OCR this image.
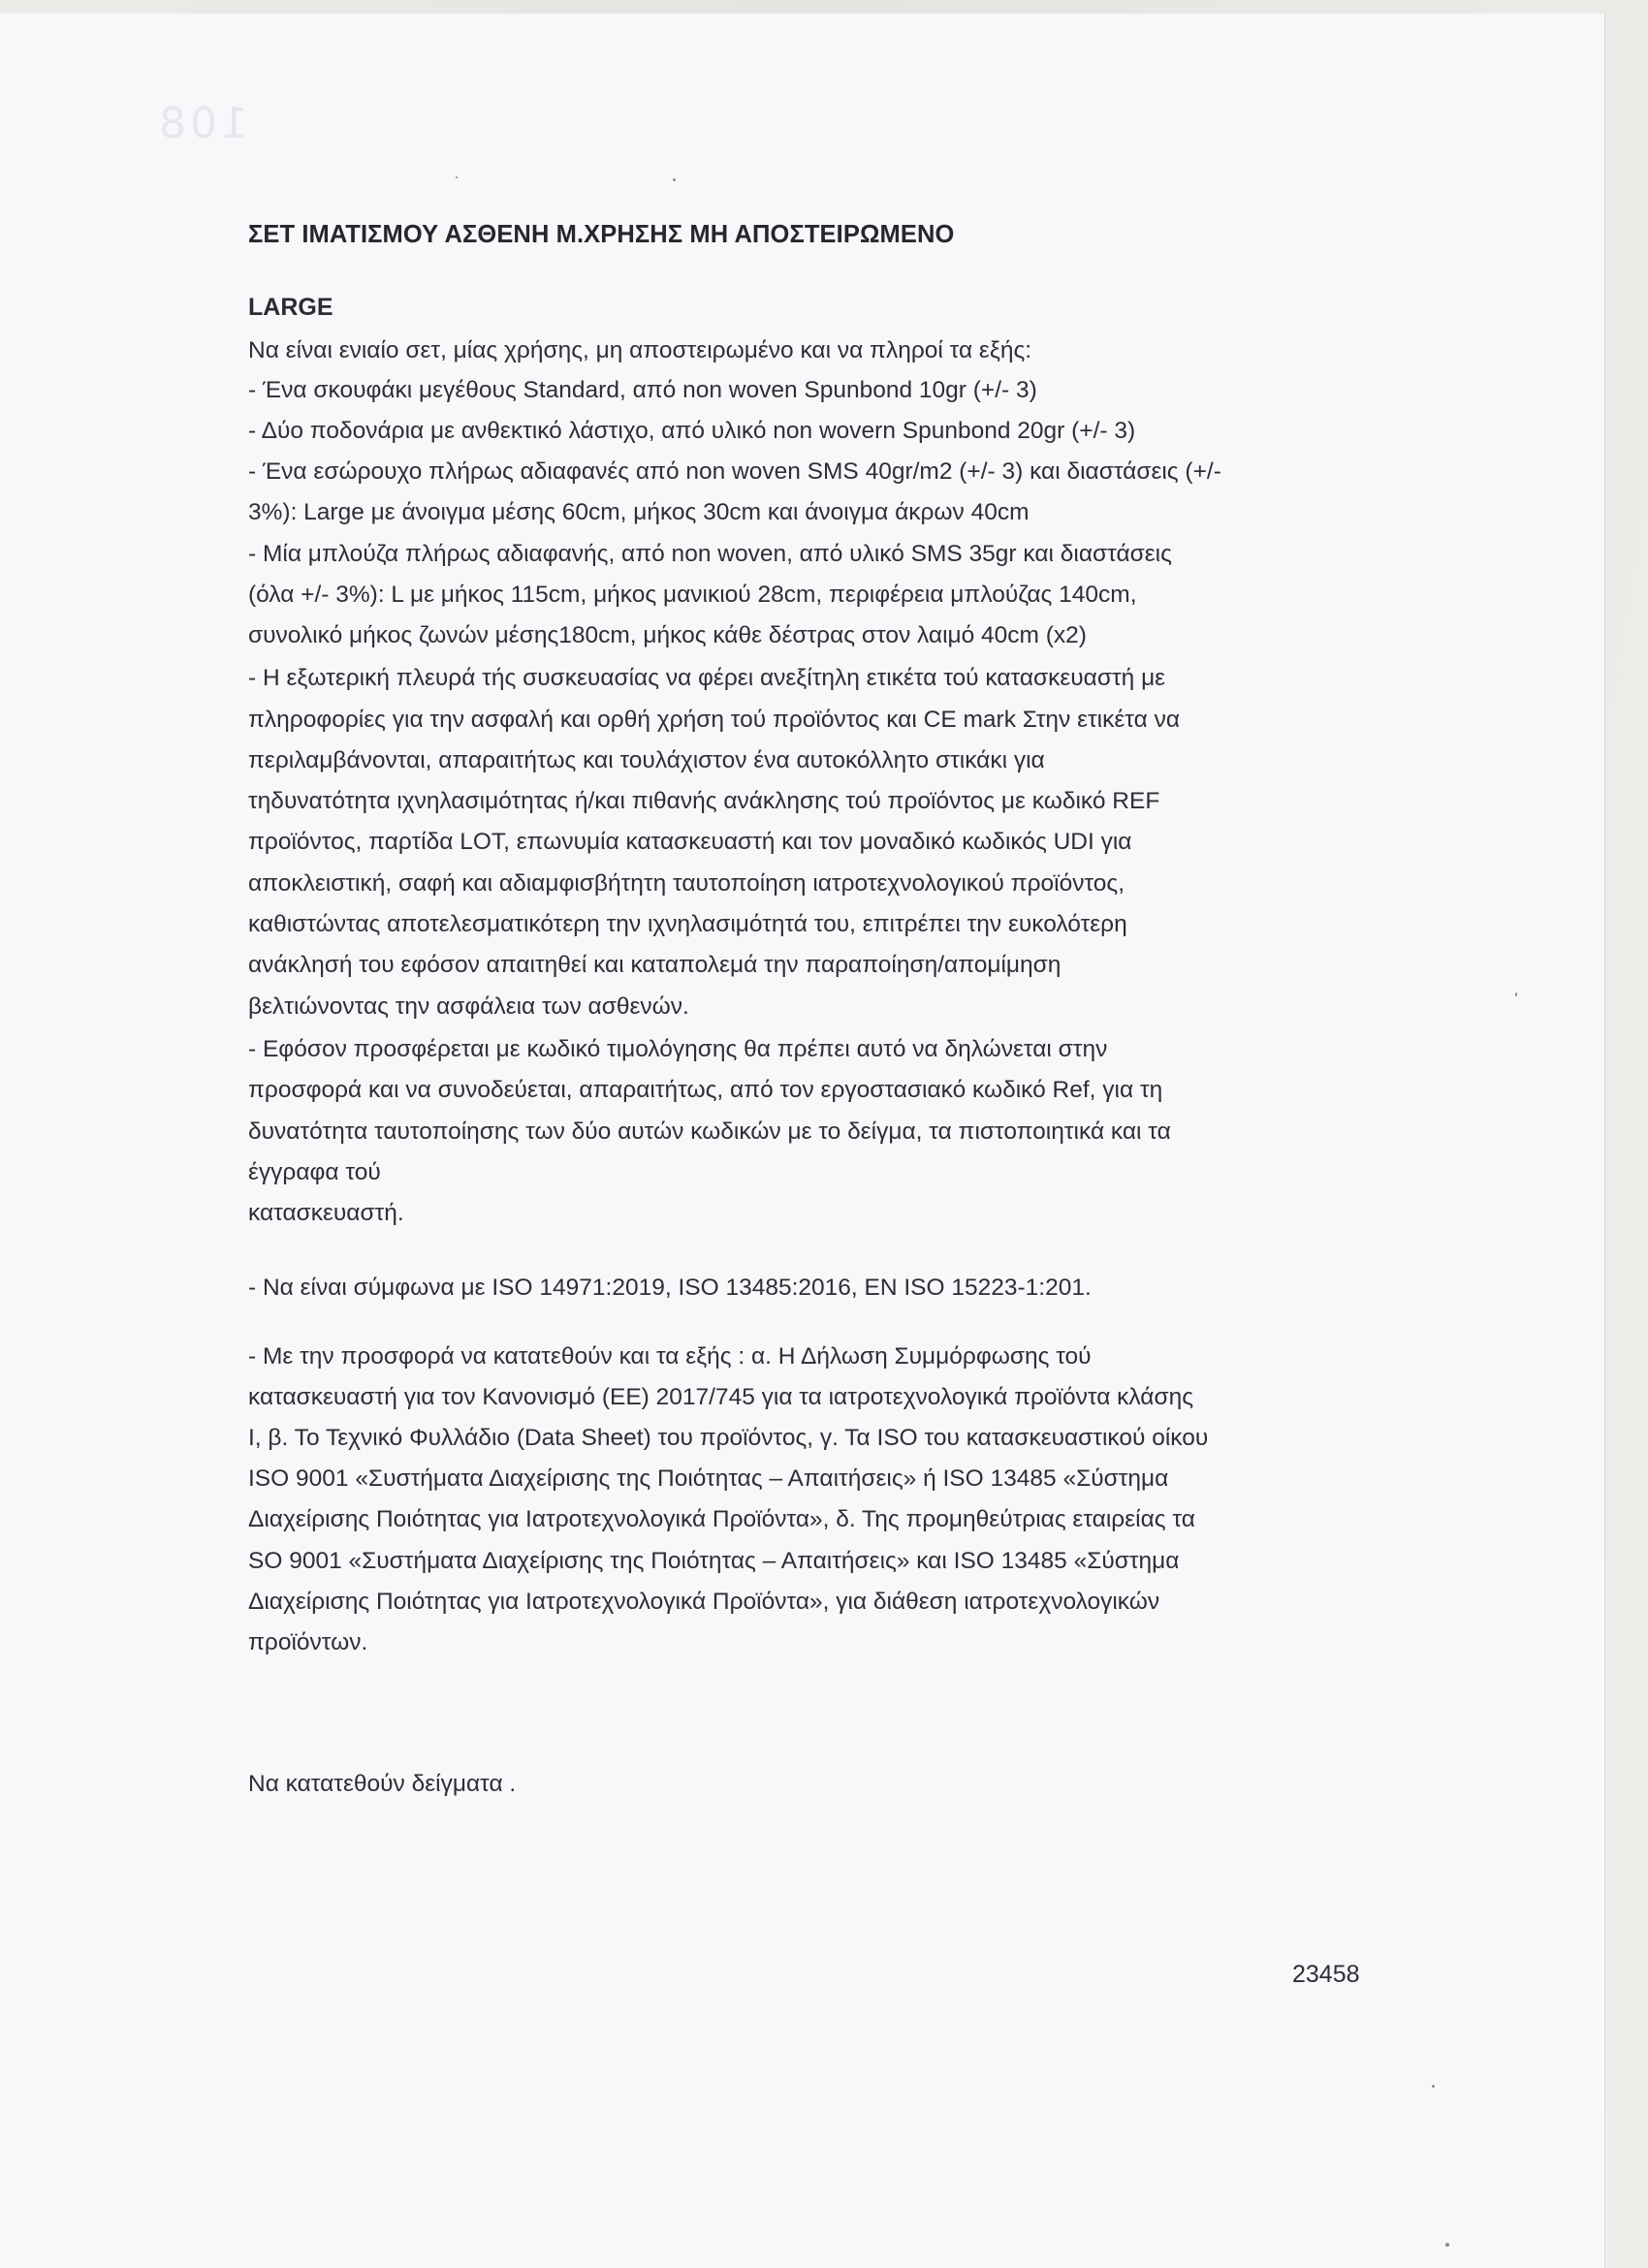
108
ΣΕΤ ΙΜΑΤΙΣΜΟΥ ΑΣΘΕΝΗ Μ.ΧΡΗΣΗΣ ΜΗ ΑΠΟΣΤΕΙΡΩΜΕΝΟ
LARGE
Να είναι ενιαίο σετ, μίας χρήσης, μη αποστειρωμένο και να πληροί τα εξής:
- Ένα σκουφάκι μεγέθους Standard, από non woven Spunbond 10gr (+/- 3)
- Δύο ποδονάρια με ανθεκτικό λάστιχο, από υλικό non wovern Spunbond 20gr (+/- 3)
- Ένα εσώρουχο πλήρως αδιαφανές από non woven SMS 40gr/m2 (+/- 3) και διαστάσεις (+/-
3%): Large με άνοιγμα μέσης 60cm, μήκος 30cm και άνοιγμα άκρων 40cm
- Μία μπλούζα πλήρως αδιαφανής, από non woven, από υλικό SMS 35gr και διαστάσεις
(όλα +/- 3%): L με μήκος 115cm, μήκος μανικιού 28cm, περιφέρεια μπλούζας 140cm,
συνολικό μήκος ζωνών μέσης180cm, μήκος κάθε δέστρας στον λαιμό 40cm (x2)
- Η εξωτερική πλευρά τής συσκευασίας να φέρει ανεξίτηλη ετικέτα τού κατασκευαστή με
πληροφορίες για την ασφαλή και ορθή χρήση τού προϊόντος και CE mark Στην ετικέτα να
περιλαμβάνονται, απαραιτήτως και τουλάχιστον ένα αυτοκόλλητο στικάκι για
τηδυνατότητα ιχνηλασιμότητας ή/και πιθανής ανάκλησης τού προϊόντος με κωδικό REF
προϊόντος, παρτίδα LOT, επωνυμία κατασκευαστή και τον μοναδικό κωδικός UDI για
αποκλειστική, σαφή και αδιαμφισβήτητη ταυτοποίηση ιατροτεχνολογικού προϊόντος,
καθιστώντας αποτελεσματικότερη την ιχνηλασιμότητά του, επιτρέπει την ευκολότερη
ανάκλησή του εφόσον απαιτηθεί και καταπολεμά την παραποίηση/απομίμηση
βελτιώνοντας την ασφάλεια των ασθενών.
- Εφόσον προσφέρεται με κωδικό τιμολόγησης θα πρέπει αυτό να δηλώνεται στην
προσφορά και να συνοδεύεται, απαραιτήτως, από τον εργοστασιακό κωδικό Ref, για τη
δυνατότητα ταυτοποίησης των δύο αυτών κωδικών με το δείγμα, τα πιστοποιητικά και τα
έγγραφα τού
κατασκευαστή.
- Να είναι σύμφωνα με ISO 14971:2019, ISO 13485:2016, EN ISO 15223-1:201.
- Με την προσφορά να κατατεθούν και τα εξής : α. Η Δήλωση Συμμόρφωσης τού
κατασκευαστή για τον Κανονισμό (ΕΕ) 2017/745 για τα ιατροτεχνολογικά προϊόντα κλάσης
Ι, β. Το Τεχνικό Φυλλάδιο (Data Sheet) του προϊόντος, γ. Τα ISO του κατασκευαστικού οίκου
ISO 9001 «Συστήματα Διαχείρισης της Ποιότητας – Απαιτήσεις» ή ISO 13485 «Σύστημα
Διαχείρισης Ποιότητας για Ιατροτεχνολογικά Προϊόντα», δ. Της προμηθεύτριας εταιρείας τα
SO 9001 «Συστήματα Διαχείρισης της Ποιότητας – Απαιτήσεις» και ISO 13485 «Σύστημα
Διαχείρισης Ποιότητας για Ιατροτεχνολογικά Προϊόντα», για διάθεση ιατροτεχνολογικών
προϊόντων.
Να κατατεθούν δείγματα .
23458
